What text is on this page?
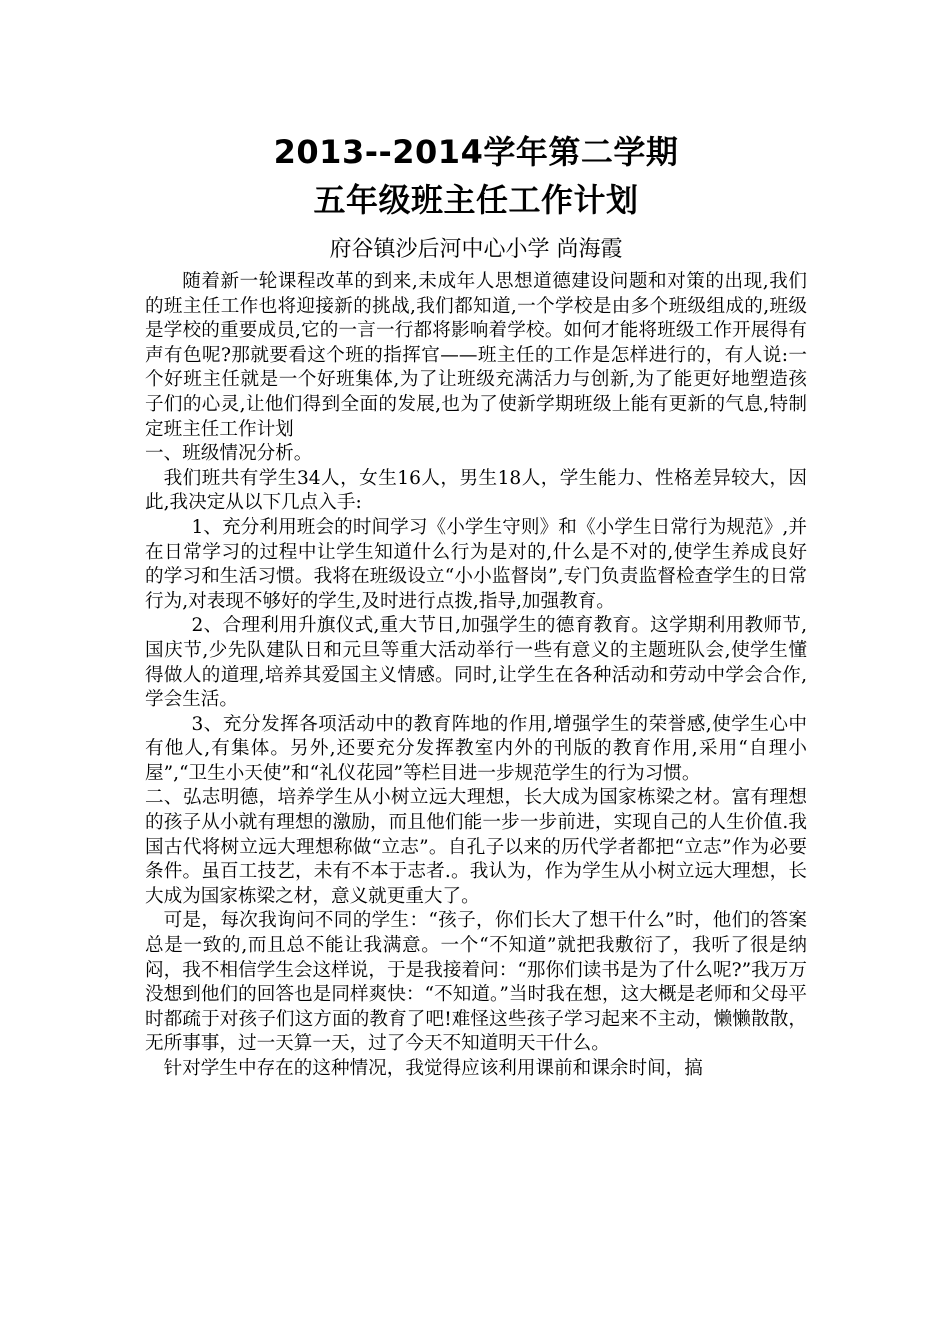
2013--2014学年第二学期
五年级班主任工作计划
府谷镇沙后河中心小学 尚海霞

随着新一轮课程改革的到来,未成年人思想道德建设问题和对策的出现,我们的班主任工作也将迎接新的挑战,我们都知道,一个学校是由多个班级组成的,班级是学校的重要成员,它的一言一行都将影响着学校。如何才能将班级工作开展得有声有色呢?那就要看这个班的指挥官——班主任的工作是怎样进行的，有人说:一个好班主任就是一个好班集体,为了让班级充满活力与创新,为了能更好地塑造孩子们的心灵,让他们得到全面的发展,也为了使新学期班级上能有更新的气息,特制定班主任工作计划

一、班级情况分析。

我们班共有学生34人，女生16人，男生18人，学生能力、性格差异较大，因此,我决定从以下几点入手:

1、充分利用班会的时间学习《小学生守则》和《小学生日常行为规范》,并在日常学习的过程中让学生知道什么行为是对的,什么是不对的,使学生养成良好的学习和生活习惯。我将在班级设立“小小监督岗”,专门负责监督检查学生的日常行为,对表现不够好的学生,及时进行点拨,指导,加强教育。

2、合理利用升旗仪式,重大节日,加强学生的德育教育。这学期利用教师节,国庆节,少先队建队日和元旦等重大活动举行一些有意义的主题班队会,使学生懂得做人的道理,培养其爱国主义情感。同时,让学生在各种活动和劳动中学会合作,学会生活。

3、充分发挥各项活动中的教育阵地的作用,增强学生的荣誉感,使学生心中有他人,有集体。另外,还要充分发挥教室内外的刊版的教育作用,采用“自理小屋”,“卫生小天使”和“礼仪花园”等栏目进一步规范学生的行为习惯。

二、弘志明德，培养学生从小树立远大理想，长大成为国家栋梁之材。富有理想的孩子从小就有理想的激励，而且他们能一步一步前进，实现自己的人生价值.我国古代将树立远大理想称做“立志”。自孔子以来的历代学者都把“立志”作为必要条件。虽百工技艺，未有不本于志者.。我认为，作为学生从小树立远大理想，长大成为国家栋梁之材，意义就更重大了。

可是，每次我询问不同的学生：“孩子，你们长大了想干什么”时，他们的答案总是一致的,而且总不能让我满意。一个“不知道”就把我敷衍了，我听了很是纳闷，我不相信学生会这样说，于是我接着问：“那你们读书是为了什么呢?”我万万没想到他们的回答也是同样爽快：“不知道。”当时我在想，这大概是老师和父母平时都疏于对孩子们这方面的教育了吧!难怪这些孩子学习起来不主动，懒懒散散，无所事事，过一天算一天，过了今天不知道明天干什么。

针对学生中存在的这种情况，我觉得应该利用课前和课余时间，搞
